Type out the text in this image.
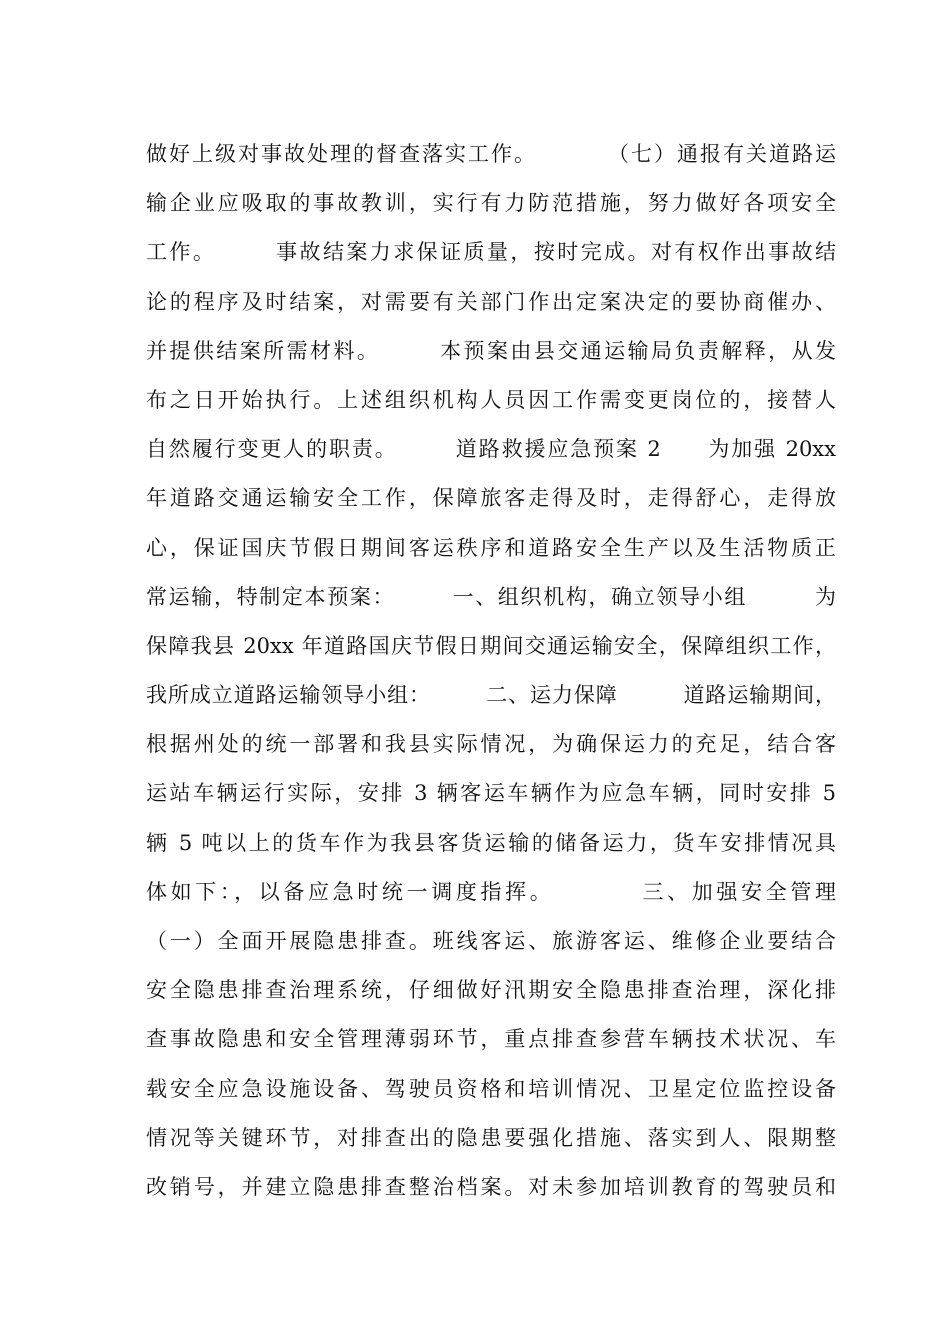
做好上级对事故处理的督查落实工作。　　　　（七）通报有关道路运
输企业应吸取的事故教训，实行有力防范措施，努力做好各项安全
工作。　　　事故结案力求保证质量，按时完成。对有权作出事故结
论的程序及时结案，对需要有关部门作出定案决定的要协商催办、
并提供结案所需材料。　　　本预案由县交通运输局负责解释，从发
布之日开始执行。上述组织机构人员因工作需变更岗位的，接替人
自然履行变更人的职责。　　　道路救援应急预案 2　　为加强 20xx
年道路交通运输安全工作，保障旅客走得及时，走得舒心，走得放
心，保证国庆节假日期间客运秩序和道路安全生产以及生活物质正
常运输，特制定本预案：　　　一、组织机构，确立领导小组　　　为
保障我县 20xx 年道路国庆节假日期间交通运输安全，保障组织工作，
我所成立道路运输领导小组：　　　二、运力保障　　　道路运输期间，
根据州处的统一部署和我县实际情况，为确保运力的充足，结合客
运站车辆运行实际，安排 3 辆客运车辆作为应急车辆，同时安排 5
辆 5 吨以上的货车作为我县客货运输的储备运力，货车安排情况具
体如下：，以备应急时统一调度指挥。　　　　三、加强安全管理
（一）全面开展隐患排查。班线客运、旅游客运、维修企业要结合
安全隐患排查治理系统，仔细做好汛期安全隐患排查治理，深化排
查事故隐患和安全管理薄弱环节，重点排查参营车辆技术状况、车
载安全应急设施设备、驾驶员资格和培训情况、卫星定位监控设备
情况等关键环节，对排查出的隐患要强化措施、落实到人、限期整
改销号，并建立隐患排查整治档案。对未参加培训教育的驾驶员和
